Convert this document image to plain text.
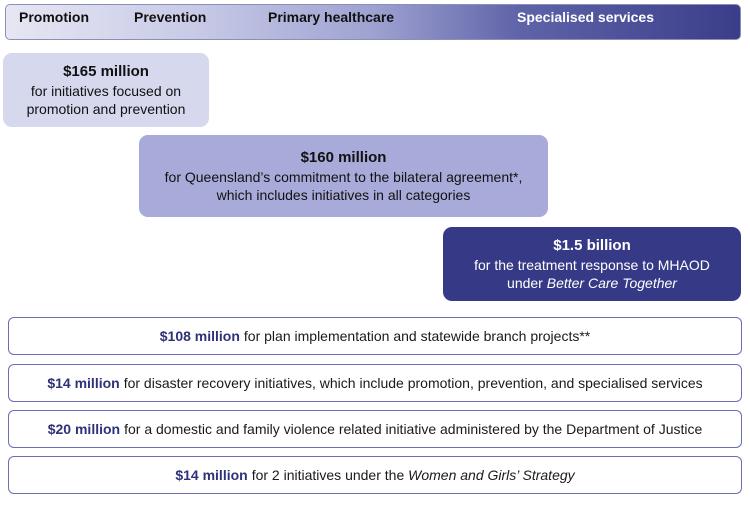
Promotion	Prevention	Primary healthcare	Specialised services
$165 million
for initiatives focused on
promotion and prevention
$160 million
for Queensland’s commitment to the bilateral agreement*,
which includes initiatives in all categories
$1.5 billion
for the treatment response to MHAOD
under Better Care Together
$108 million for plan implementation and statewide branch projects**
$14 million for disaster recovery initiatives, which include promotion, prevention, and specialised services
$20 million for a domestic and family violence related initiative administered by the Department of Justice
$14 million for 2 initiatives under the Women and Girls’ Strategy
